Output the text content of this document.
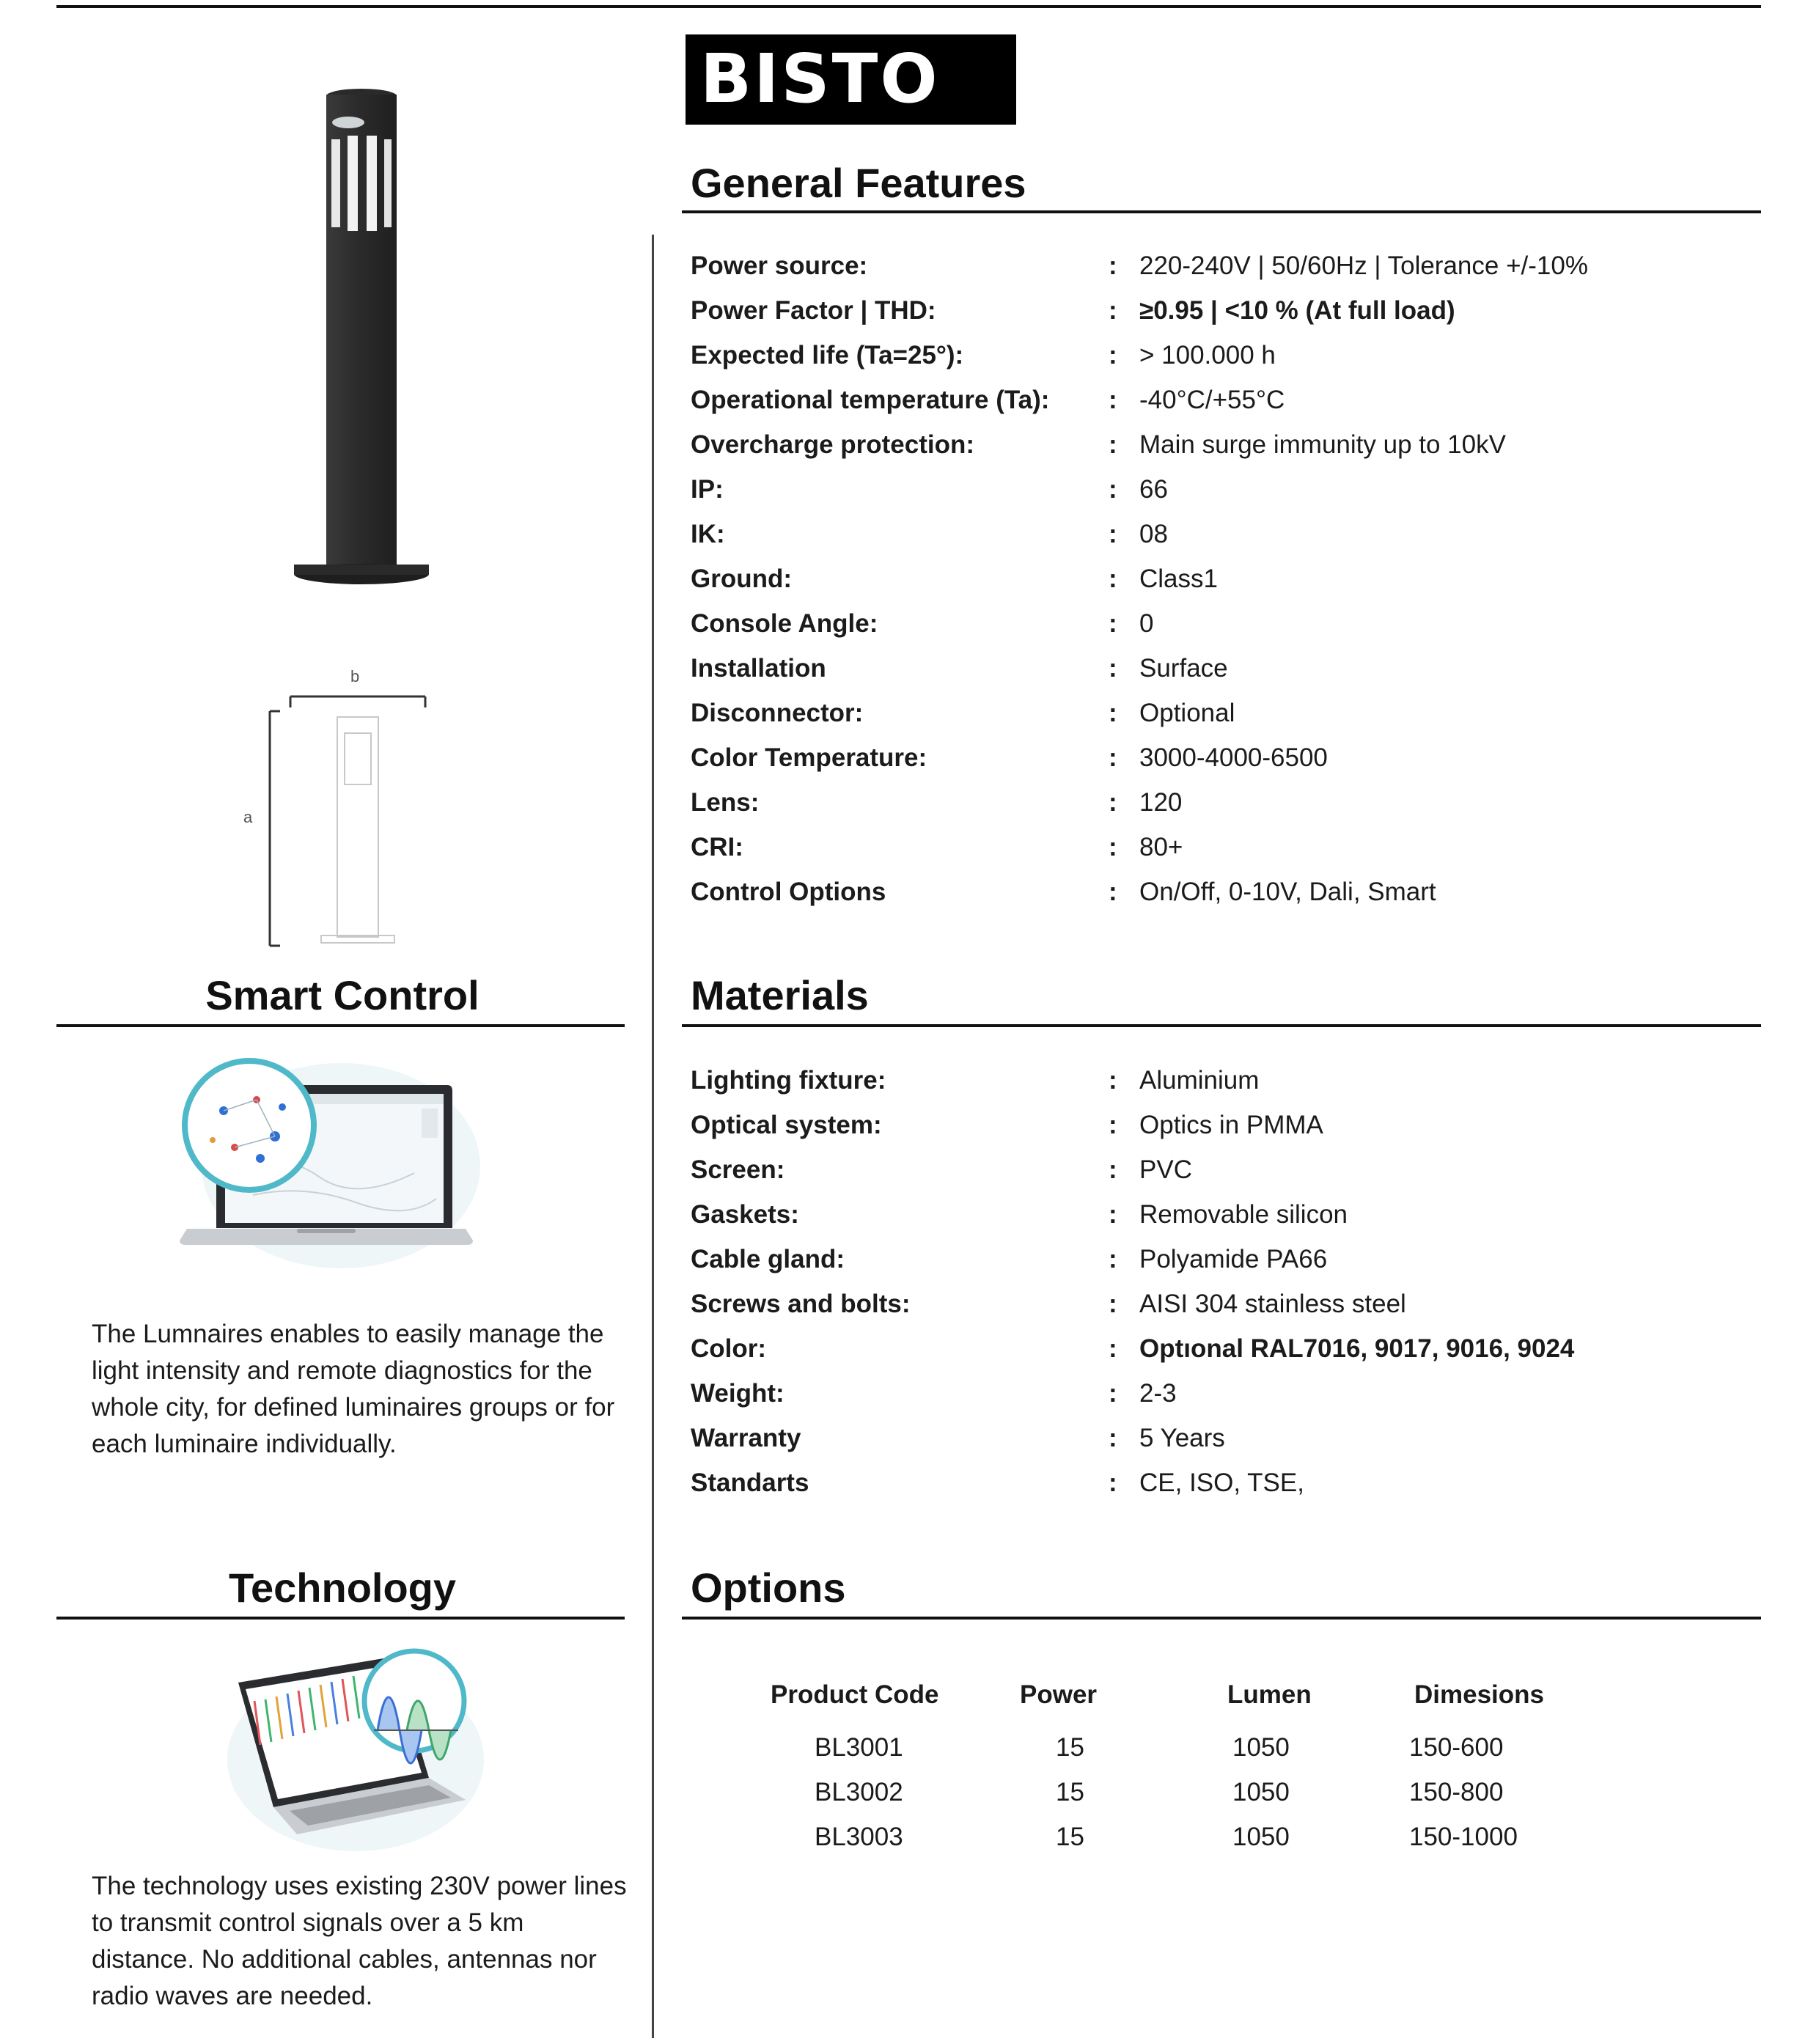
BISTO
b
a
General Features
Power source:	: 220-240V | 50/60Hz | Tolerance +/-10%
Power Factor | THD:	: ≥0.95 | <10 % (At full load)
Expected life (Ta=25°):	: > 100.000 h
Operational temperature (Ta): : -40°C/+55°C
Overcharge protection:	: Main surge immunity up to 10kV
IP:	: 66
IK:	: 08
Ground:	: Class1
Console Angle:	: 0
Installation	: Surface
Disconnector:	: Optional
Color Temperature:	: 3000-4000-6500
Lens:	: 120
CRI:	: 80+
Control Options	: On/Off, 0-10V, Dali, Smart
Materials
Lighting fixture:	: Aluminium
Optical system:	: Optics in PMMA
Screen:	: PVC
Gaskets:	: Removable silicon
Cable gland:	: Polyamide PA66
Screws and bolts:	: AISI 304 stainless steel
Color:	: Optıonal RAL7016, 9017, 9016, 9024
Weight:	: 2-3
Warranty	: 5 Years
Standarts	: CE, ISO, TSE,
Options
Product Code	Power	Lumen	Dimesions
BL3001	15	1050	150-600
BL3002	15	1050	150-800
BL3003	15	1050	150-1000
Smart Control
The Lumnaires enables to easily manage the light intensity and remote diagnostics for the whole city, for defined luminaires groups or for each luminaire individually.
Technology
The technology uses existing 230V power lines to transmit control signals over a 5 km distance. No additional cables, antennas nor radio waves are needed.
